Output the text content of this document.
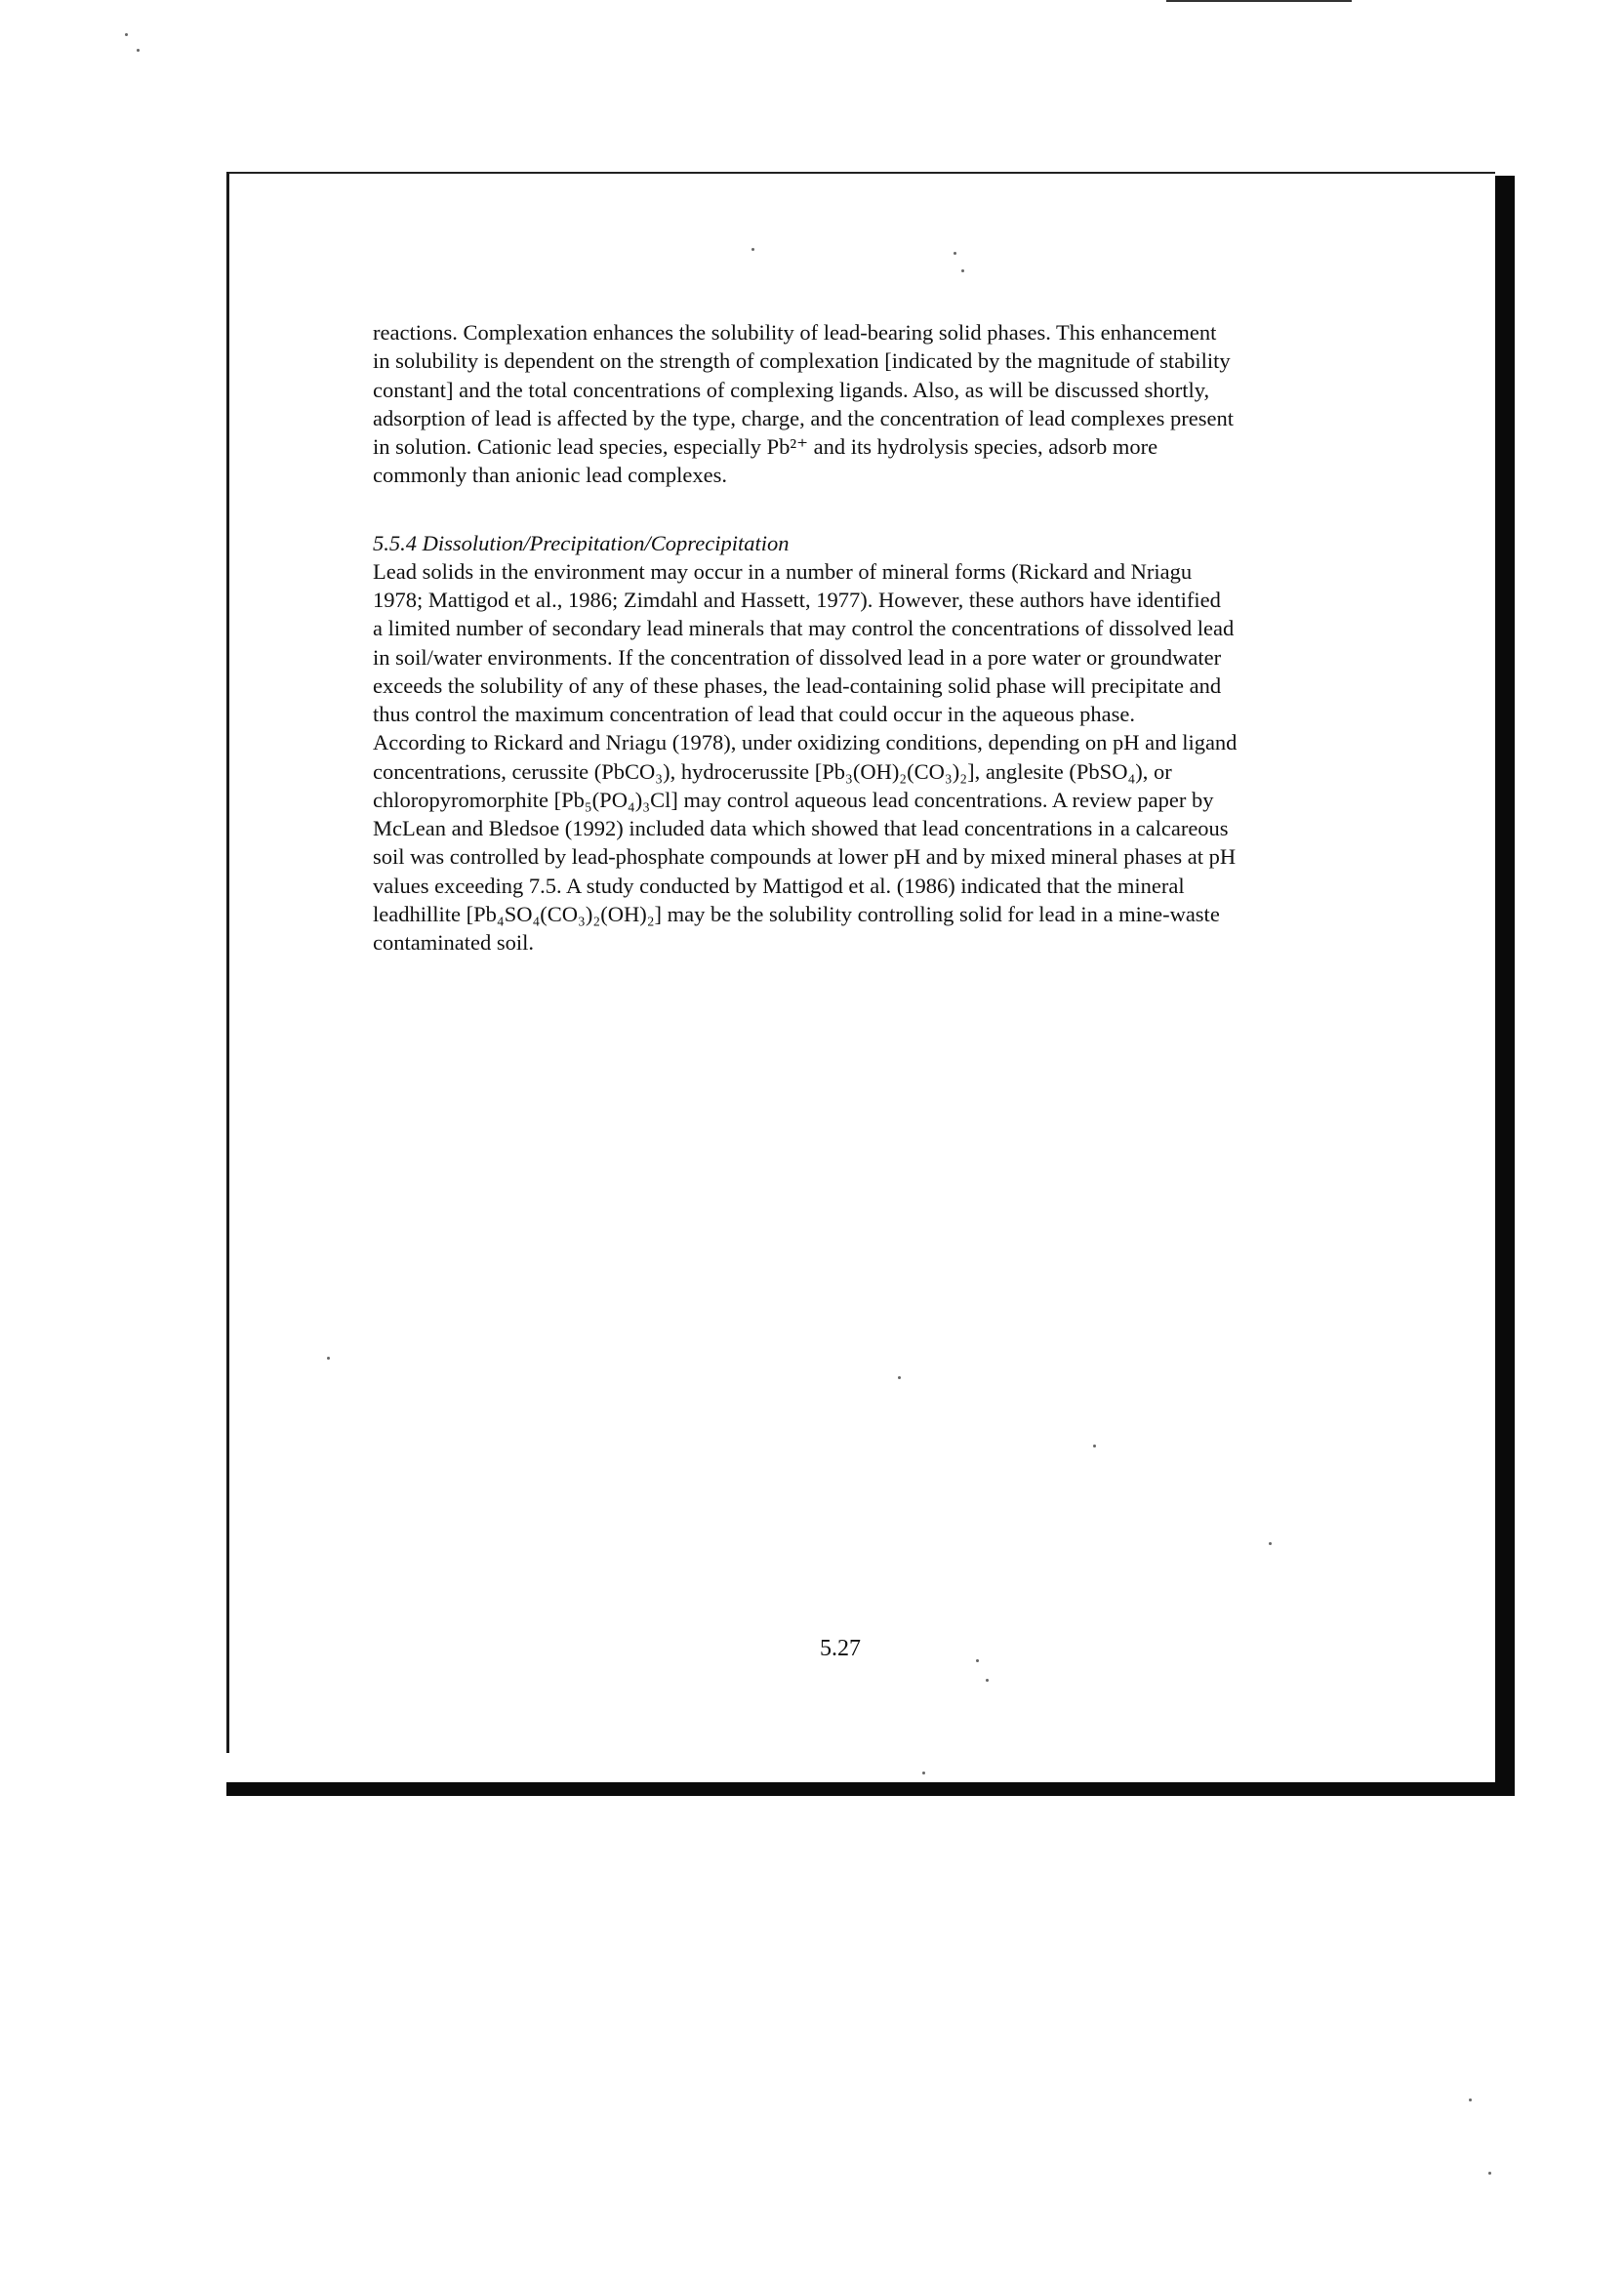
reactions. Complexation enhances the solubility of lead-bearing solid phases. This enhancement
in solubility is dependent on the strength of complexation [indicated by the magnitude of stability
constant] and the total concentrations of complexing ligands. Also, as will be discussed shortly,
adsorption of lead is affected by the type, charge, and the concentration of lead complexes present
in solution. Cationic lead species, especially Pb²⁺ and its hydrolysis species, adsorb more
commonly than anionic lead complexes.

5.5.4 Dissolution/Precipitation/Coprecipitation

Lead solids in the environment may occur in a number of mineral forms (Rickard and Nriagu
1978; Mattigod et al., 1986; Zimdahl and Hassett, 1977). However, these authors have identified
a limited number of secondary lead minerals that may control the concentrations of dissolved lead
in soil/water environments. If the concentration of dissolved lead in a pore water or groundwater
exceeds the solubility of any of these phases, the lead-containing solid phase will precipitate and
thus control the maximum concentration of lead that could occur in the aqueous phase.
According to Rickard and Nriagu (1978), under oxidizing conditions, depending on pH and ligand
concentrations, cerussite (PbCO₃), hydrocerussite [Pb₃(OH)₂(CO₃)₂], anglesite (PbSO₄), or
chloropyromorphite [Pb₅(PO₄)₃Cl] may control aqueous lead concentrations. A review paper by
McLean and Bledsoe (1992) included data which showed that lead concentrations in a calcareous
soil was controlled by lead-phosphate compounds at lower pH and by mixed mineral phases at pH
values exceeding 7.5. A study conducted by Mattigod et al. (1986) indicated that the mineral
leadhillite [Pb₄SO₄(CO₃)₂(OH)₂] may be the solubility controlling solid for lead in a mine-waste
contaminated soil.

5.27
